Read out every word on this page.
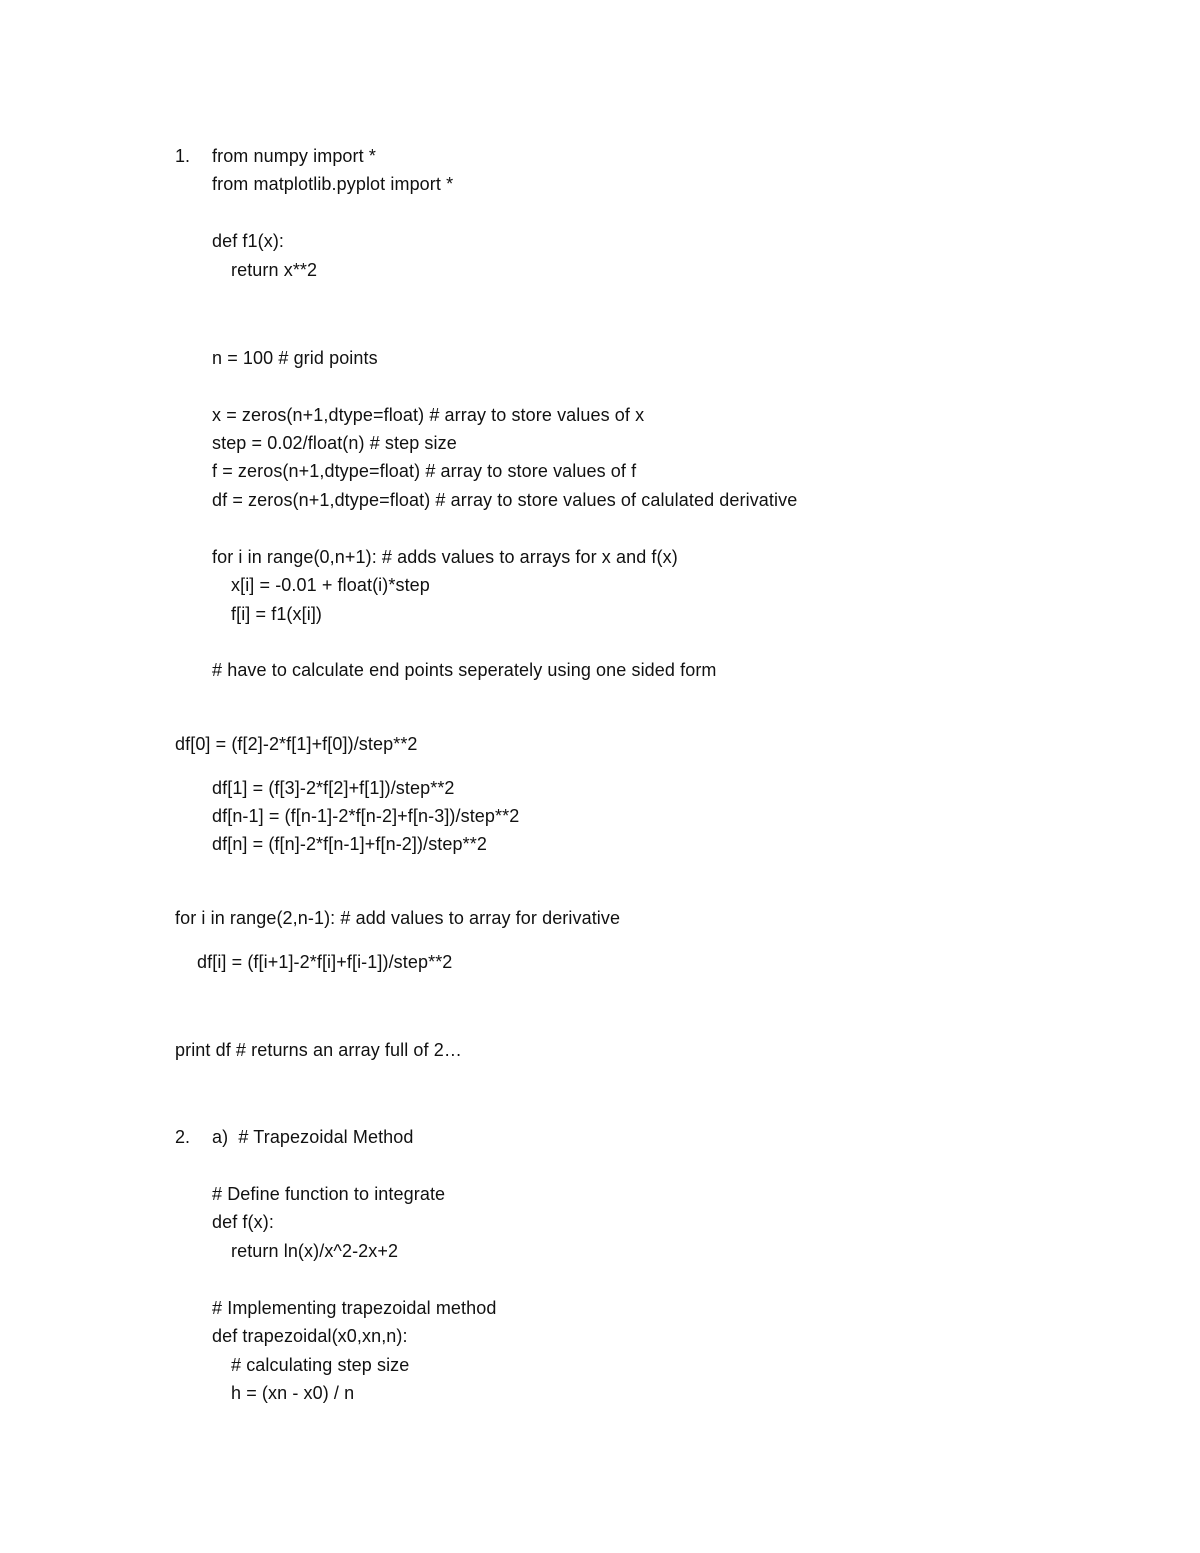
1. from numpy import *
from matplotlib.pyplot import *
def f1(x):
return x**2
n = 100 # grid points
x = zeros(n+1,dtype=float) # array to store values of x
step = 0.02/float(n) # step size
f = zeros(n+1,dtype=float) # array to store values of f
df = zeros(n+1,dtype=float) # array to store values of calulated derivative
for i in range(0,n+1): # adds values to arrays for x and f(x)
x[i] = -0.01 + float(i)*step
f[i] = f1(x[i])
# have to calculate end points seperately using one sided form
df[0] = (f[2]-2*f[1]+f[0])/step**2
df[1] = (f[3]-2*f[2]+f[1])/step**2
df[n-1] = (f[n-1]-2*f[n-2]+f[n-3])/step**2
df[n] = (f[n]-2*f[n-1]+f[n-2])/step**2
for i in range(2,n-1): # add values to array for derivative
df[i] = (f[i+1]-2*f[i]+f[i-1])/step**2
print df # returns an array full of 2…
2. a)  # Trapezoidal Method
# Define function to integrate
def f(x):
return ln(x)/x^2-2x+2
# Implementing trapezoidal method
def trapezoidal(x0,xn,n):
# calculating step size
h = (xn - x0) / n
